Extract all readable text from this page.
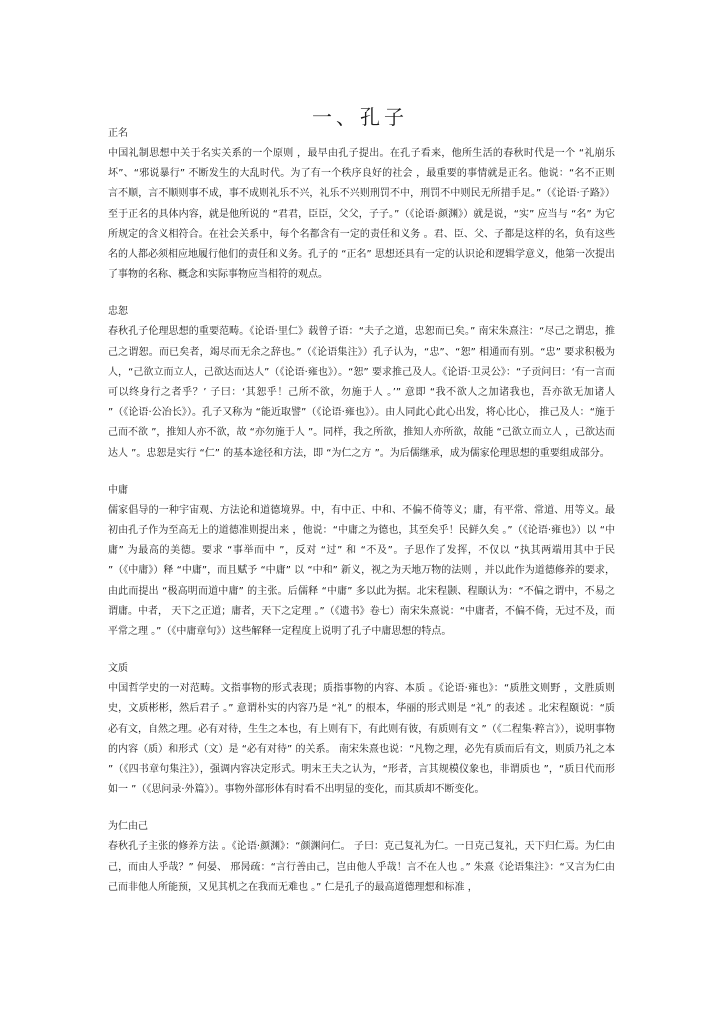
一、孔子

正名

中国礼制思想中关于名实关系的一个原则 ，最早由孔子提出。在孔子看来，他所生活的春秋时代是一个 “礼崩乐坏”、“邪说暴行” 不断发生的大乱时代。为了有一个秩序良好的社会 ，最重要的事情就是正名。他说：“名不正则言不顺，言不顺则事不成，事不成则礼乐不兴，礼乐不兴则刑罚不中，刑罚不中则民无所措手足。”（《论语·子路》）至于正名的具体内容，就是他所说的 “君君，臣臣，父父，子子。”（《论语·颜渊》）就是说，“实” 应当与 “名” 为它所规定的含义相符合。在社会关系中，每个名都含有一定的责任和义务 。君、臣、父、子都是这样的名，负有这些名的人都必须相应地履行他们的责任和义务。孔子的 “正名” 思想还具有一定的认识论和逻辑学意义，他第一次提出了事物的名称、概念和实际事物应当相符的观点。

忠恕

春秋孔子伦理思想的重要范畴。《论语·里仁》载曾子语：“夫子之道，忠恕而已矣。” 南宋朱熹注：“尽己之谓忠，推己之谓恕。而已矣者，竭尽而无余之辞也。”（《论语集注》）孔子认为，“忠”、“恕” 相通而有别。“忠” 要求积极为人，“己欲立而立人，己欲达而达人”（《论语·雍也》）。“恕” 要求推己及人。《论语·卫灵公》：“子贡问曰：‘有一言而可以终身行之者乎？’ 子曰：‘其恕乎！己所不欲，勿施于人 。’” 意即 “我不欲人之加诸我也，吾亦欲无加诸人 ”（《论语·公冶长》）。孔子又称为 “能近取譬”（《论语·雍也》）。由人同此心此心出发，将心比心， 推己及人：“施于己而不欲 ”，推知人亦不欲，故 “亦勿施于人 ”。同样，我之所欲，推知人亦所欲，故能 “己欲立而立人 ，己欲达而达人 ”。忠恕是实行 “仁” 的基本途径和方法，即 “为仁之方 ”。为后儒继承，成为儒家伦理思想的重要组成部分。

中庸

儒家倡导的一种宇宙观、方法论和道德境界。中，有中正、中和、不偏不倚等义；庸，有平常、常道、用等义。最初由孔子作为至高无上的道德准则提出来 ，他说：“中庸之为德也，其至矣乎！民鲜久矣 。”（《论语·雍也》）以 “中庸” 为最高的美德。要求 “事举而中 ”，反对 “过” 和 “不及”。子思作了发挥，不仅以 “执其两端用其中于民 ”（《中庸》）释 “中庸”，而且赋予 “中庸” 以 “中和” 新义，视之为天地万物的法则 ，并以此作为道德修养的要求，由此而提出 “极高明而道中庸” 的主张。后儒释 “中庸” 多以此为据。北宋程颢、程颐认为：“不偏之谓中，不易之谓庸。中者， 天下之正道；庸者，天下之定理 。”（《遗书》卷七）南宋朱熹说：“中庸者，不偏不倚，无过不及，而平常之理 。”（《中庸章句》）这些解释一定程度上说明了孔子中庸思想的特点。

文质

中国哲学史的一对范畴。文指事物的形式表现；质指事物的内容、本质 。《论语·雍也》：“质胜文则野 ，文胜质则史，文质彬彬，然后君子 。” 意谓朴实的内容乃是 “礼” 的根本，华丽的形式则是 “礼” 的表述 。北宋程颐说：“质必有文，自然之理。必有对待，生生之本也，有上则有下，有此则有彼，有质则有文 ”（《二程集·粹言》），说明事物的内容（质）和形式（文）是 “必有对待” 的关系。 南宋朱熹也说：“凡物之理，必先有质而后有文，则质乃礼之本 ”（《四书章句集注》），强调内容决定形式。明末王夫之认为，“形者，言其规模仪象也，非谓质也 ”，“质日代而形如一 ”（《思问录·外篇》）。事物外部形体有时看不出明显的变化，而其质却不断变化。

为仁由己

春秋孔子主张的修养方法 。《论语·颜渊》：“颜渊问仁。 子曰：克己复礼为仁。一日克己复礼，天下归仁焉。为仁由己，而由人乎哉？” 何晏、 邢昺疏：“言行善由己，岂由他人乎哉！言不在人也 。” 朱熹《论语集注》：“又言为仁由己而非他人所能预，又见其机之在我而无难也 。” 仁是孔子的最高道德理想和标准 ，
